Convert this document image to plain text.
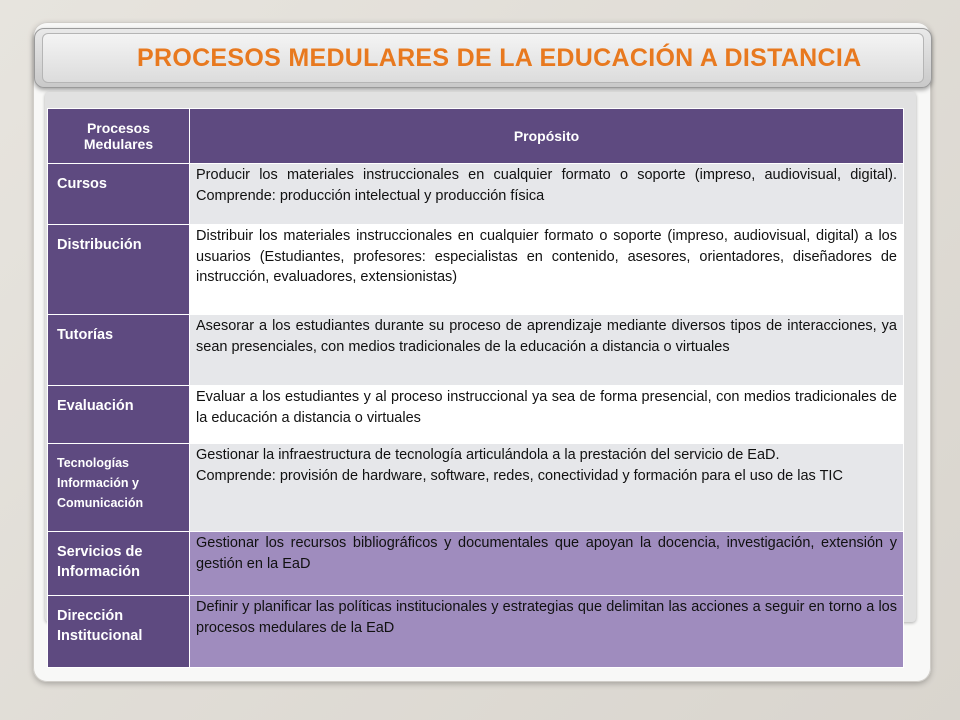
PROCESOS MEDULARES DE LA EDUCACIÓN A DISTANCIA
Procesos
Medulares	Propósito

Cursos	Producir los materiales instruccionales en cualquier formato o soporte (impreso, audiovisual, digital). Comprende: producción intelectual y producción física

Distribución	Distribuir los materiales instruccionales en cualquier formato o soporte (impreso, audiovisual, digital) a los usuarios (Estudiantes, profesores: especialistas en contenido, asesores, orientadores, diseñadores de instrucción, evaluadores, extensionistas)

Tutorías	Asesorar a los estudiantes durante su proceso de aprendizaje mediante diversos tipos de interacciones, ya sean presenciales, con medios tradicionales de la educación a distancia o virtuales

Evaluación	Evaluar a los estudiantes y al proceso instruccional ya sea de forma presencial, con medios tradicionales de la educación a distancia o virtuales

Tecnologías
Información y
Comunicación	Gestionar la infraestructura de tecnología articulándola a la prestación del servicio de EaD.
Comprende: provisión de hardware, software, redes, conectividad y formación para el uso de las TIC

Servicios de
Información	Gestionar los recursos bibliográficos y documentales que apoyan la docencia, investigación, extensión y gestión en la EaD

Dirección
Institucional	Definir y planificar las políticas institucionales y estrategias que delimitan las acciones a seguir en torno a los procesos medulares de la EaD
